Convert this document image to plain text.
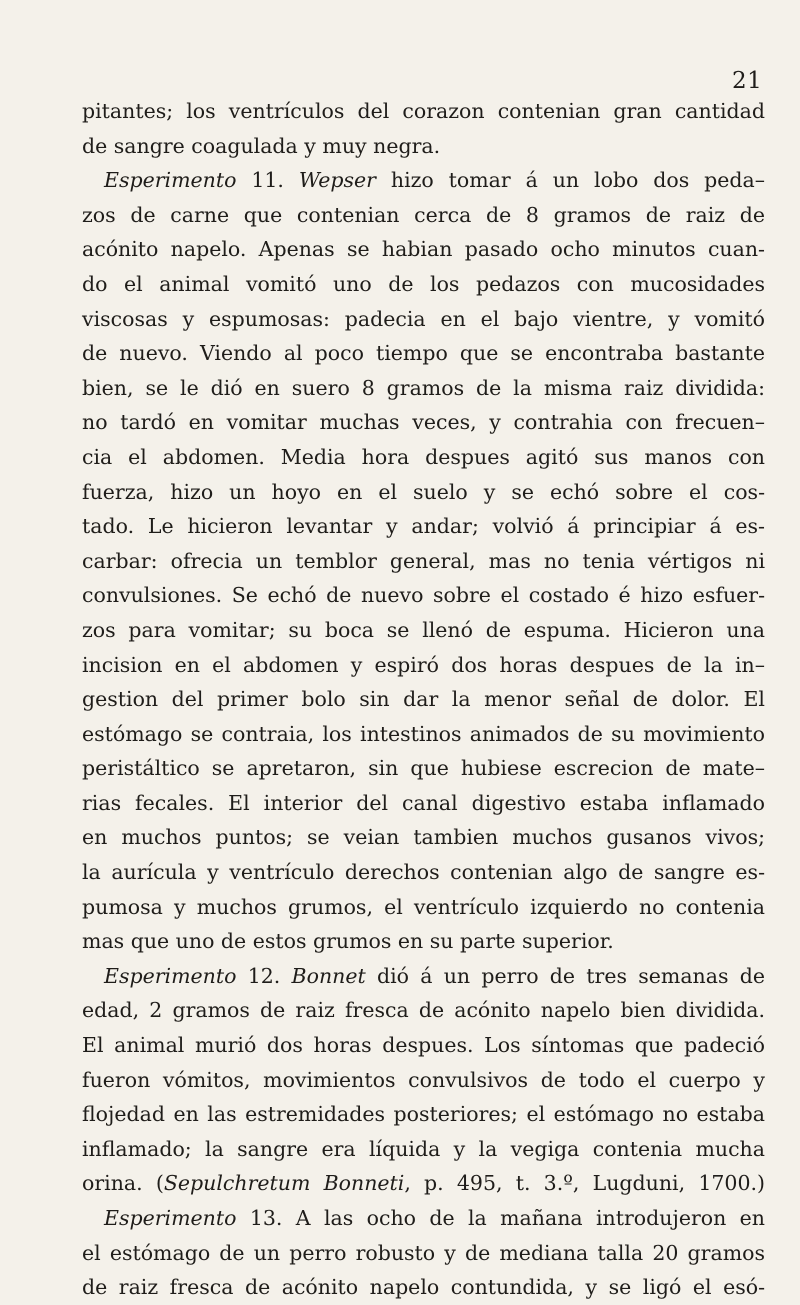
21
pitantes; los ventrículos del corazon contenian gran cantidad
de sangre coagulada y muy negra.
Esperimento 11. Wepser hizo tomar á un lobo dos peda–
zos de carne que contenian cerca de 8 gramos de raiz de
acónito napelo. Apenas se habian pasado ocho minutos cuan-
do el animal vomitó uno de los pedazos con mucosidades
viscosas y espumosas: padecia en el bajo vientre, y vomitó
de nuevo. Viendo al poco tiempo que se encontraba bastante
bien, se le dió en suero 8 gramos de la misma raiz dividida:
no tardó en vomitar muchas veces, y contrahia con frecuen–
cia el abdomen. Media hora despues agitó sus manos con
fuerza, hizo un hoyo en el suelo y se echó sobre el cos-
tado. Le hicieron levantar y andar; volvió á principiar á es-
carbar: ofrecia un temblor general, mas no tenia vértigos ni
convulsiones. Se echó de nuevo sobre el costado é hizo esfuer-
zos para vomitar; su boca se llenó de espuma. Hicieron una
incision en el abdomen y espiró dos horas despues de la in–
gestion del primer bolo sin dar la menor señal de dolor. El
estómago se contraia, los intestinos animados de su movimiento
peristáltico se apretaron, sin que hubiese escrecion de mate–
rias fecales. El interior del canal digestivo estaba inflamado
en muchos puntos; se veian tambien muchos gusanos vivos;
la aurícula y ventrículo derechos contenian algo de sangre es-
pumosa y muchos grumos, el ventrículo izquierdo no contenia
mas que uno de estos grumos en su parte superior.
Esperimento 12. Bonnet dió á un perro de tres semanas de
edad, 2 gramos de raiz fresca de acónito napelo bien dividida.
El animal murió dos horas despues. Los síntomas que padeció
fueron vómitos, movimientos convulsivos de todo el cuerpo y
flojedad en las estremidades posteriores; el estómago no estaba
inflamado; la sangre era líquida y la vegiga contenia mucha
orina. (Sepulchretum Bonneti, p. 495, t. 3.º, Lugduni, 1700.)
Esperimento 13. A las ocho de la mañana introdujeron en
el estómago de un perro robusto y de mediana talla 20 gramos
de raiz fresca de acónito napelo contundida, y se ligó el esó-
